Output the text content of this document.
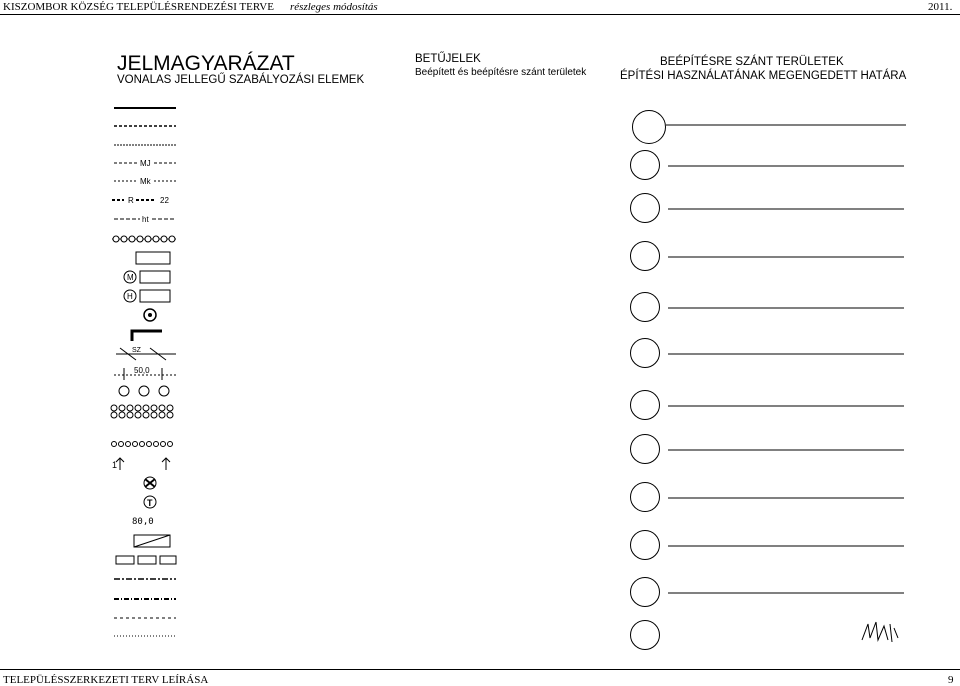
KISZOMBOR KÖZSÉG TELEPÜLÉSRENDEZÉSI TERVE részleges módosítás	2011.
JELMAGYARÁZAT
VONALAS JELLEGŰ SZABÁLYOZÁSI ELEMEK
MJ
Mk
R	22
ht
M
H
SZ
50,0
1
T
80,0
BETŰJELEK
Beépített és beépítésre szánt területek
BEÉPÍTÉSRE SZÁNT TERÜLETEK
ÉPÍTÉSI HASZNÁLATÁNAK MEGENGEDETT HATÁRA
TELEPÜLÉSSZERKEZETI TERV LEÍRÁSA	9
